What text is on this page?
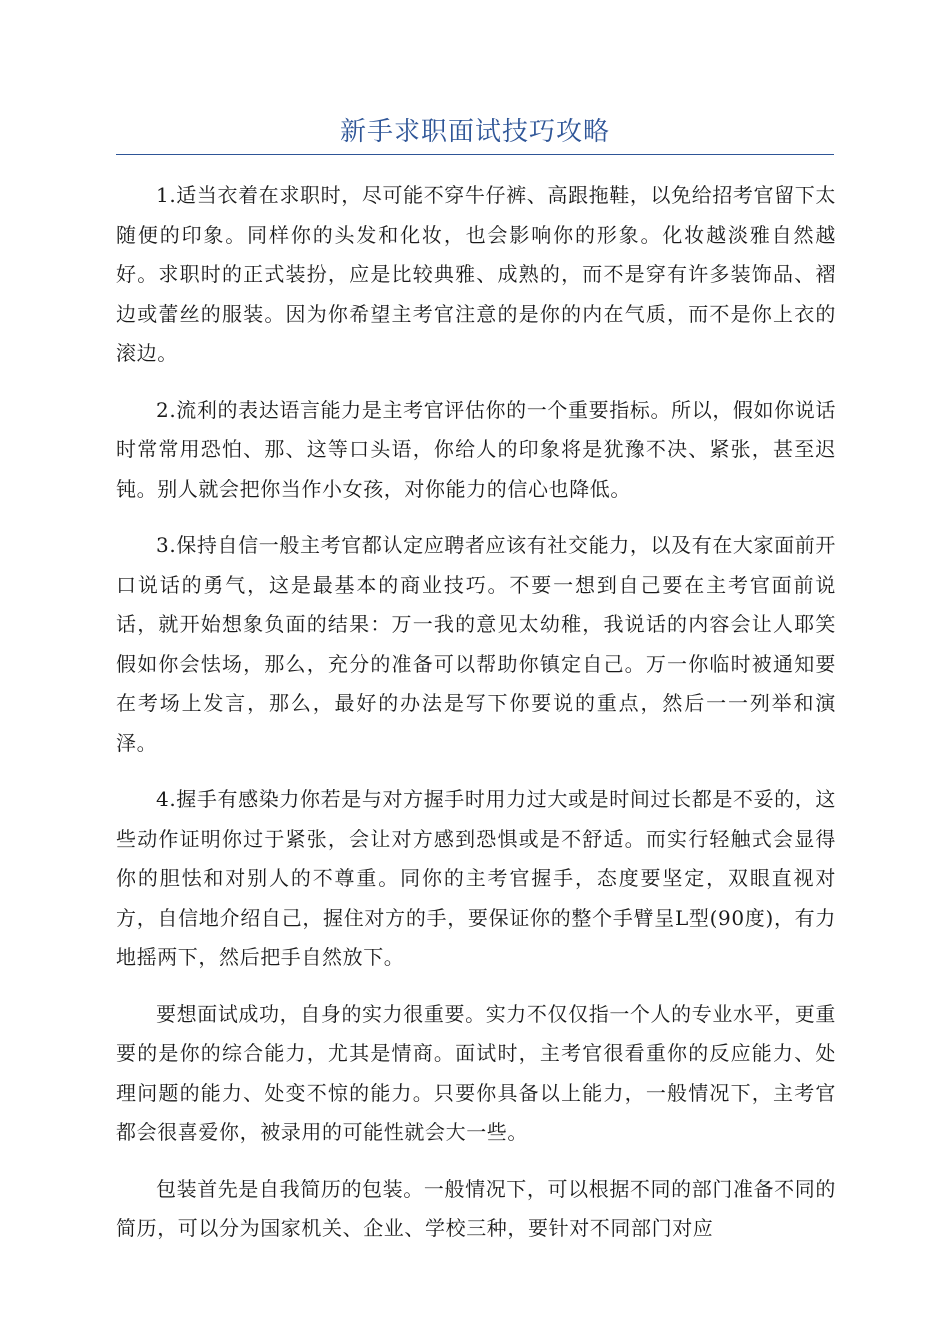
新手求职面试技巧攻略

1.适当衣着在求职时，尽可能不穿牛仔裤、高跟拖鞋，以免给招考官留下太随便的印象。同样你的头发和化妆，也会影响你的形象。化妆越淡雅自然越好。求职时的正式装扮，应是比较典雅、成熟的，而不是穿有许多装饰品、褶边或蕾丝的服装。因为你希望主考官注意的是你的内在气质，而不是你上衣的滚边。

2.流利的表达语言能力是主考官评估你的一个重要指标。所以，假如你说话时常常用恐怕、那、这等口头语，你给人的印象将是犹豫不决、紧张，甚至迟钝。别人就会把你当作小女孩，对你能力的信心也降低。

3.保持自信一般主考官都认定应聘者应该有社交能力，以及有在大家面前开口说话的勇气，这是最基本的商业技巧。不要一想到自己要在主考官面前说话，就开始想象负面的结果：万一我的意见太幼稚，我说话的内容会让人耶笑假如你会怯场，那么，充分的准备可以帮助你镇定自己。万一你临时被通知要在考场上发言，那么，最好的办法是写下你要说的重点，然后一一列举和演泽。

4.握手有感染力你若是与对方握手时用力过大或是时间过长都是不妥的，这些动作证明你过于紧张，会让对方感到恐惧或是不舒适。而实行轻触式会显得你的胆怯和对别人的不尊重。同你的主考官握手，态度要坚定，双眼直视对方，自信地介绍自己，握住对方的手，要保证你的整个手臂呈L型(90度)，有力地摇两下，然后把手自然放下。

要想面试成功，自身的实力很重要。实力不仅仅指一个人的专业水平，更重要的是你的综合能力，尤其是情商。面试时，主考官很看重你的反应能力、处理问题的能力、处变不惊的能力。只要你具备以上能力，一般情况下，主考官都会很喜爱你，被录用的可能性就会大一些。

包装首先是自我简历的包装。一般情况下，可以根据不同的部门准备不同的简历，可以分为国家机关、企业、学校三种，要针对不同部门对应
